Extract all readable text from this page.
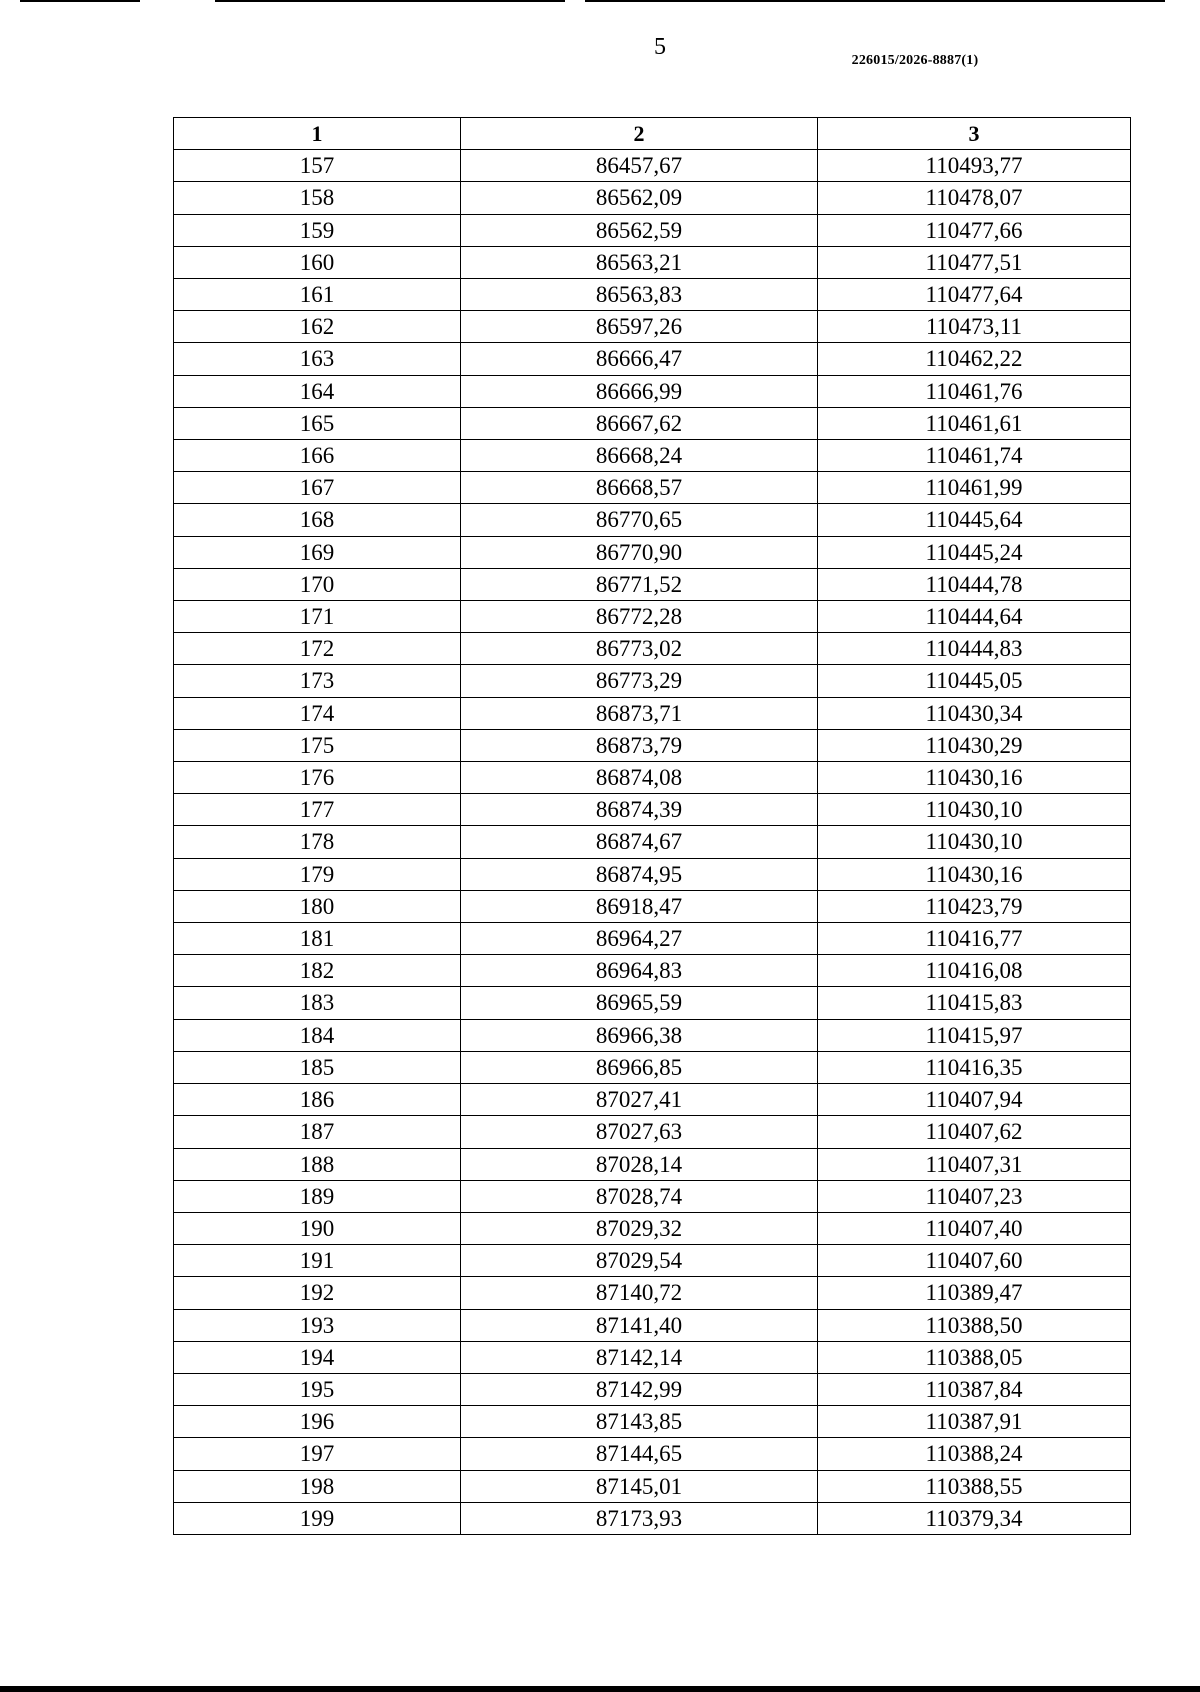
5
226015/2026-8887(1)
1	2	3
157	86457,67	110493,77
158	86562,09	110478,07
159	86562,59	110477,66
160	86563,21	110477,51
161	86563,83	110477,64
162	86597,26	110473,11
163	86666,47	110462,22
164	86666,99	110461,76
165	86667,62	110461,61
166	86668,24	110461,74
167	86668,57	110461,99
168	86770,65	110445,64
169	86770,90	110445,24
170	86771,52	110444,78
171	86772,28	110444,64
172	86773,02	110444,83
173	86773,29	110445,05
174	86873,71	110430,34
175	86873,79	110430,29
176	86874,08	110430,16
177	86874,39	110430,10
178	86874,67	110430,10
179	86874,95	110430,16
180	86918,47	110423,79
181	86964,27	110416,77
182	86964,83	110416,08
183	86965,59	110415,83
184	86966,38	110415,97
185	86966,85	110416,35
186	87027,41	110407,94
187	87027,63	110407,62
188	87028,14	110407,31
189	87028,74	110407,23
190	87029,32	110407,40
191	87029,54	110407,60
192	87140,72	110389,47
193	87141,40	110388,50
194	87142,14	110388,05
195	87142,99	110387,84
196	87143,85	110387,91
197	87144,65	110388,24
198	87145,01	110388,55
199	87173,93	110379,34
